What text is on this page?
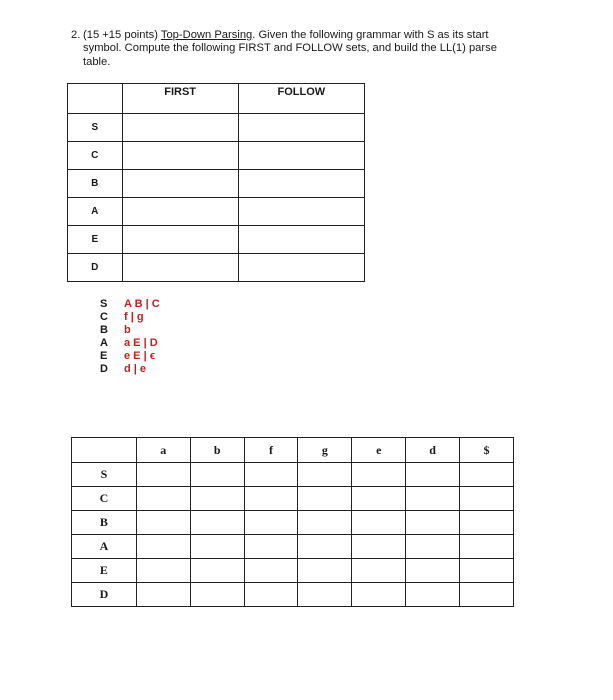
2. (15 +15 points) Top-Down Parsing. Given the following grammar with S as its start
symbol. Compute the following FIRST and FOLLOW sets, and build the LL(1) parse
table.
	FIRST	FOLLOW
S		
C		
B		
A		
E		
D		
S	A B | C
C	f | g
B	b
A	a E | D
E	e E | ϵ
D	d | e
	a	b	f	g	e	d	$
S							
C							
B							
A							
E							
D							
